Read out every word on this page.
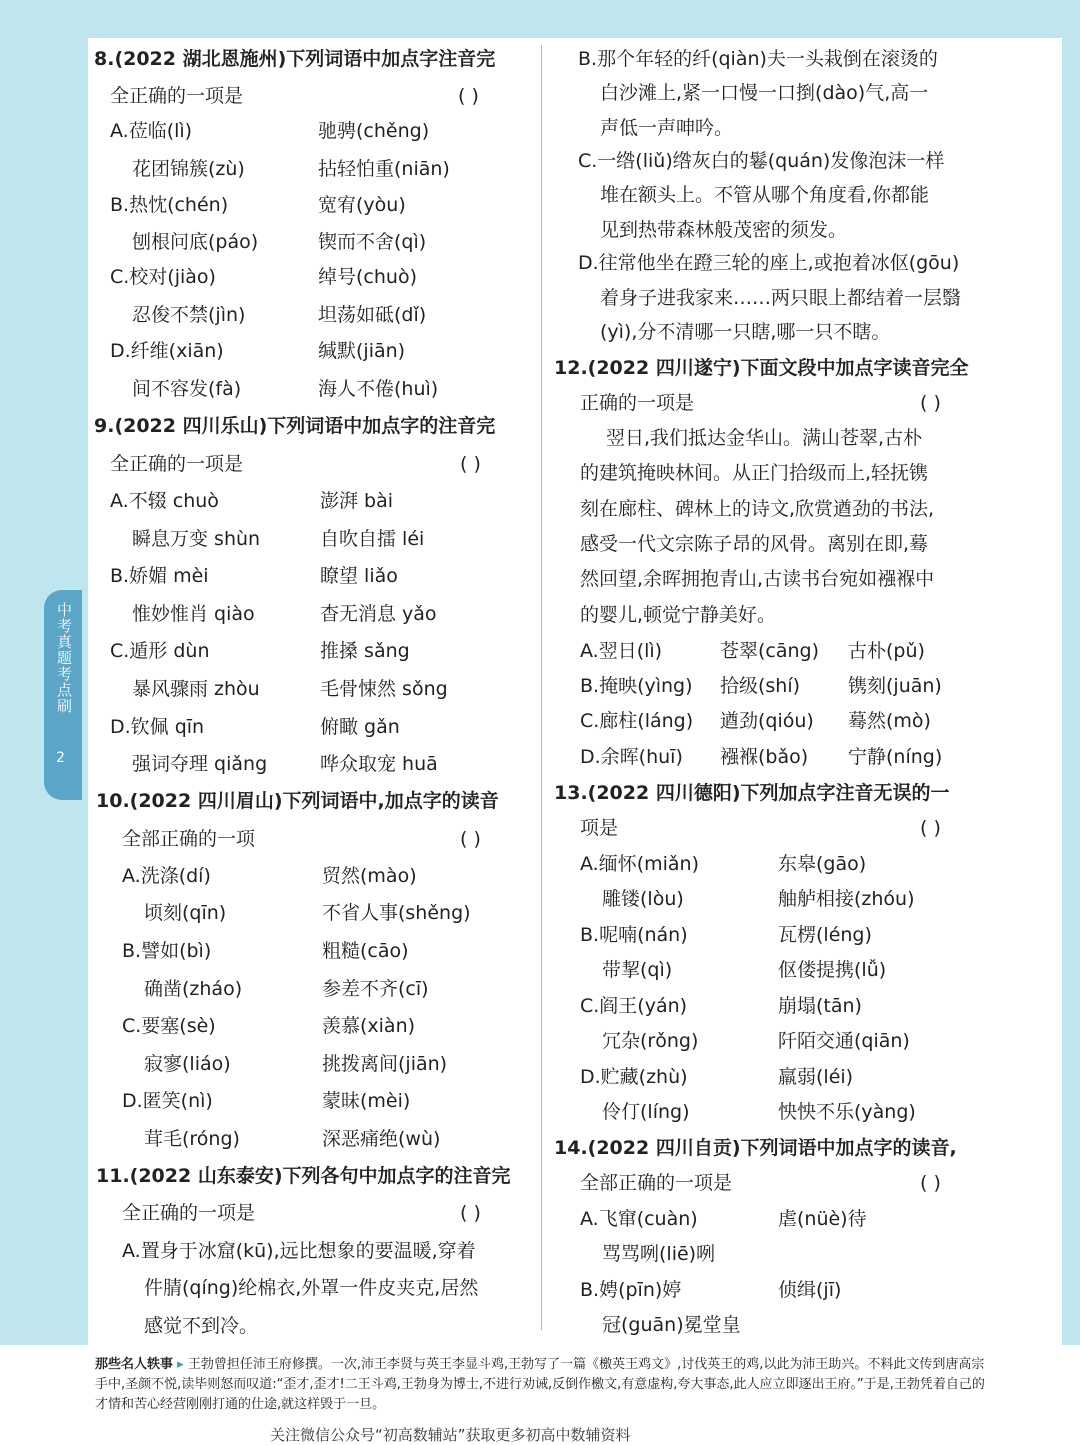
中考真题考点刷
2
8.(2022 湖北恩施州)下列词语中加点字注音完
全正确的一项是	( )
A.莅临(lì)	驰骋(chěng)
花团锦簇(zù)	拈轻怕重(niān)
B.热忱(chén)	宽宥(yòu)
刨根问底(páo)	锲而不舍(qì)
C.校对(jiào)	绰号(chuò)
忍俊不禁(jìn)	坦荡如砥(dǐ)
D.纤维(xiān)	缄默(jiān)
间不容发(fà)	海人不倦(huì)
9.(2022 四川乐山)下列词语中加点字的注音完
全正确的一项是	( )
A.不辍 chuò	澎湃 bài
瞬息万变 shùn	自吹自擂 léi
B.娇媚 mèi	瞭望 liǎo
惟妙惟肖 qiào	杳无消息 yǎo
C.遁形 dùn	推搡 sǎng
暴风骤雨 zhòu	毛骨悚然 sǒng
D.钦佩 qīn	俯瞰 gǎn
强词夺理 qiǎng	哗众取宠 huā
10.(2022 四川眉山)下列词语中,加点字的读音
全部正确的一项	( )
A.洗涤(dí)	贸然(mào)
顷刻(qīn)	不省人事(shěng)
B.譬如(bì)	粗糙(cāo)
确凿(zháo)	参差不齐(cī)
C.要塞(sè)	羡慕(xiàn)
寂寥(liáo)	挑拨离间(jiān)
D.匿笑(nì)	蒙昧(mèi)
茸毛(róng)	深恶痛绝(wù)
11.(2022 山东泰安)下列各句中加点字的注音完
全正确的一项是	( )
A.置身于冰窟(kū),远比想象的要温暖,穿着
件腈(qíng)纶棉衣,外罩一件皮夹克,居然
感觉不到冷。
B.那个年轻的纤(qiàn)夫一头栽倒在滚烫的
白沙滩上,紧一口慢一口捯(dào)气,高一
声低一声呻吟。
C.一绺(liǔ)绺灰白的鬈(quán)发像泡沫一样
堆在额头上。不管从哪个角度看,你都能
见到热带森林般茂密的须发。
D.往常他坐在蹬三轮的座上,或抱着冰伛(gōu)
着身子进我家来……两只眼上都结着一层翳
(yì),分不清哪一只瞎,哪一只不瞎。
12.(2022 四川遂宁)下面文段中加点字读音完全
正确的一项是	( )
翌日,我们抵达金华山。满山苍翠,古朴
的建筑掩映林间。从正门拾级而上,轻抚镌
刻在廊柱、碑林上的诗文,欣赏遒劲的书法,
感受一代文宗陈子昂的风骨。离别在即,蓦
然回望,余晖拥抱青山,古读书台宛如襁褓中
的婴儿,顿觉宁静美好。
A.翌日(lì)	苍翠(cāng) 古朴(pǔ)
B.掩映(yìng) 拾级(shí)	镌刻(juān)
C.廊柱(láng) 遒劲(qióu) 蓦然(mò)
D.余晖(huī) 襁褓(bǎo) 宁静(níng)
13.(2022 四川德阳)下列加点字注音无误的一
项是	( )
A.缅怀(miǎn)	东皋(gāo)
雕镂(lòu)	舳舻相接(zhóu)
B.呢喃(nán)	瓦楞(léng)
带挈(qì)	伛偻提携(lǚ)
C.阎王(yán)	崩塌(tān)
冗杂(rǒng)	阡陌交通(qiān)
D.贮藏(zhù)	羸弱(léi)
伶仃(líng)	怏怏不乐(yàng)
14.(2022 四川自贡)下列词语中加点字的读音,
全部正确的一项是	( )
A.飞窜(cuàn)	虐(nüè)待
骂骂咧(liē)咧
B.娉(pīn)婷	侦缉(jī)
冠(guān)冕堂皇
那些名人轶事 ▸ 王勃曾担任沛王府修撰。一次,沛王李贤与英王李显斗鸡,王勃写了一篇《檄英王鸡文》,讨伐英王的鸡,以此为沛王助兴。不料此文传到唐高宗手中,圣颜不悦,读毕则怒而叹道:“歪才,歪才!二王斗鸡,王勃身为博士,不进行劝诫,反倒作檄文,有意虚构,夸大事态,此人应立即逐出王府。”于是,王勃凭着自己的才情和苦心经营刚刚打通的仕途,就这样毁于一旦。
关注微信公众号“初高数辅站”获取更多初高中数辅资料
